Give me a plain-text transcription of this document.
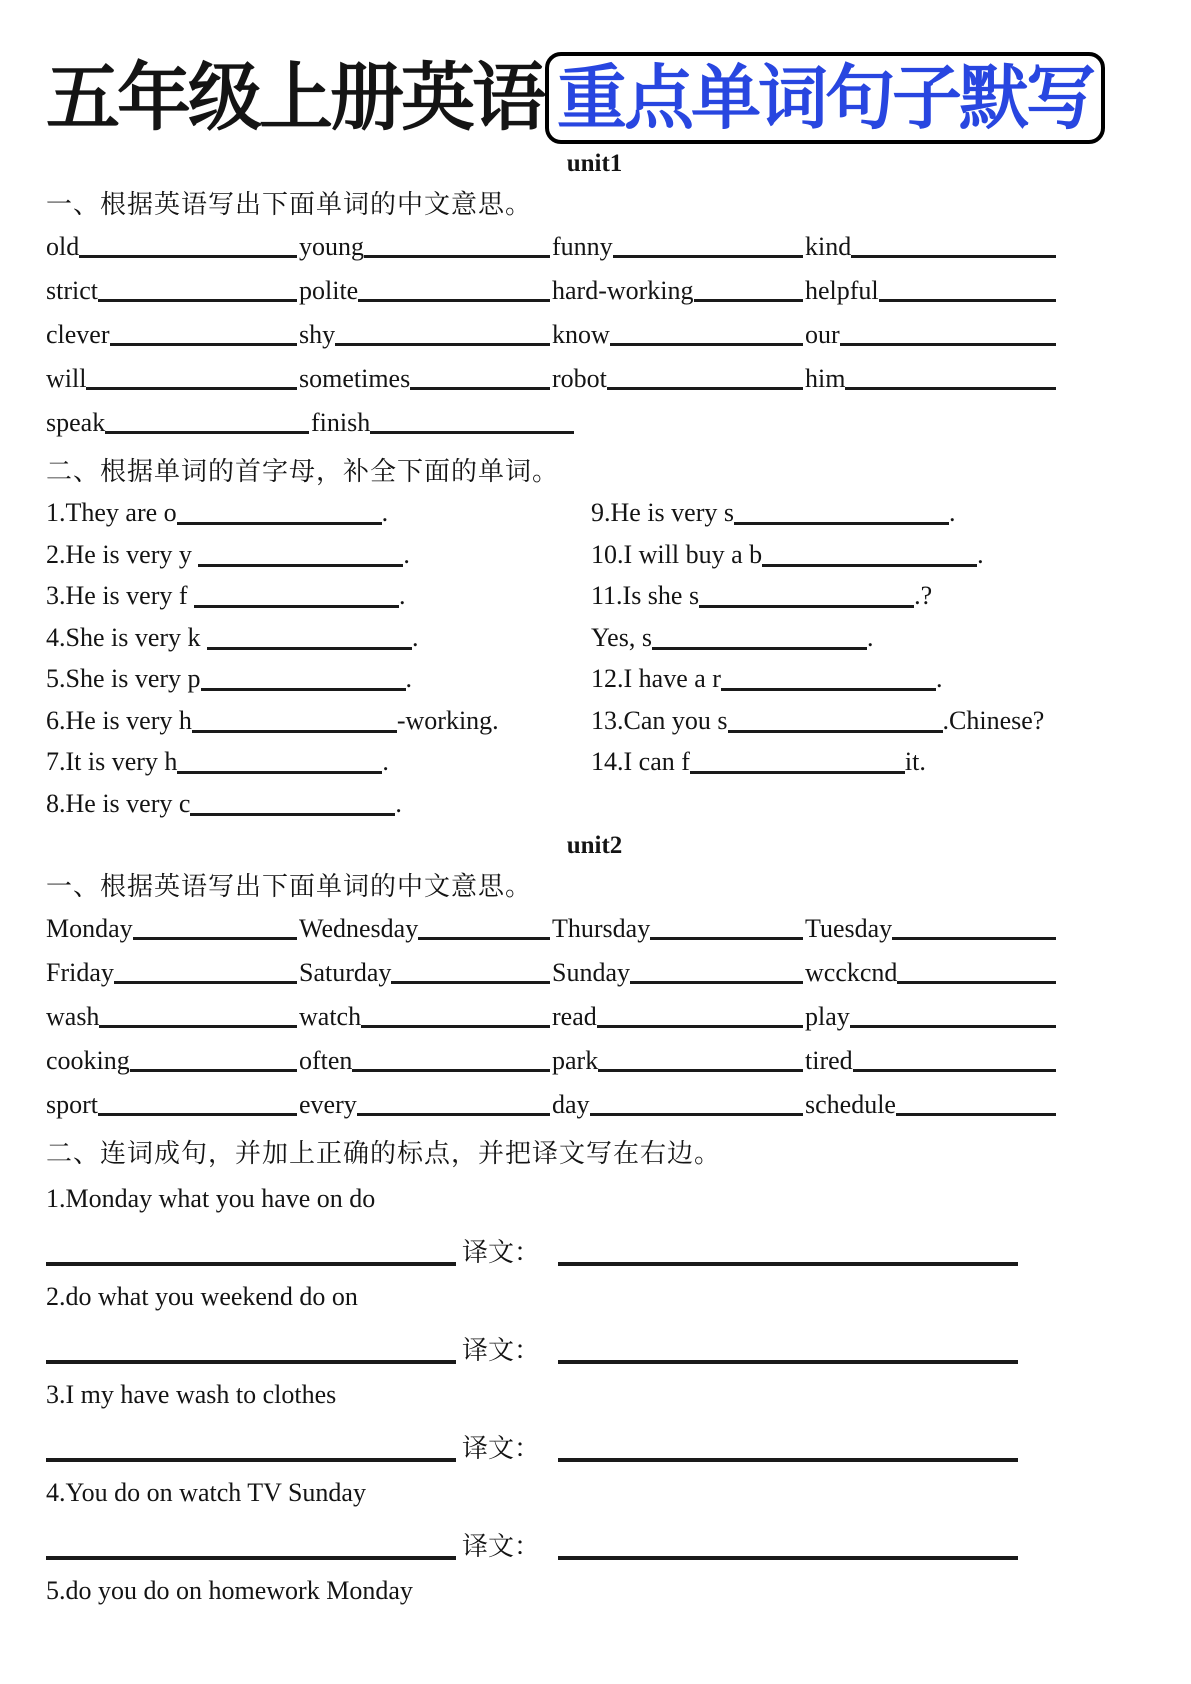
五年级上册英语 重点单词句子默写
unit1
一、根据英语写出下面单词的中文意思。
old	young	funny	kind
strict	polite	hard-working	helpful
clever	shy	know	our
will	sometimes	robot	him
speak	finish
二、根据单词的首字母，补全下面的单词。
1.They are o	.
2.He is very y	.
3.He is very f	.
4.She is very k	.
5.She is very p	.
6.He is very h	-working.
7.It is very h	.
8.He is very c	.
9.He is very s	.
10.I will buy a b	.
11.Is she s	.?
Yes, s	.
12.I have a r	.
13.Can you s	.Chinese?
14.I can f	it.
unit2
一、根据英语写出下面单词的中文意思。
Monday	Wednesday	Thursday	Tuesday
Friday	Saturday	Sunday	wcckcnd
wash	watch	read	play
cooking	often	park	tired
sport	every	day	schedule
二、连词成句，并加上正确的标点，并把译文写在右边。
1.Monday what you have on do
译文：
2.do what you weekend do on
译文：
3.I my have wash to clothes
译文：
4.You do on watch TV Sunday
译文：
5.do you do on homework Monday
